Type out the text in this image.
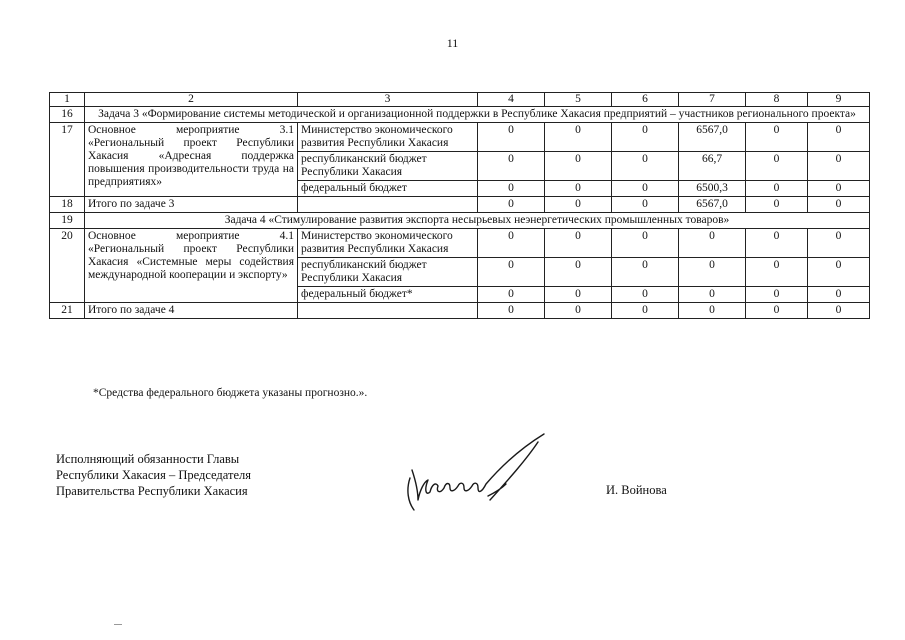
11
1	2	3	4	5	6	7	8	9
16	Задача 3 «Формирование системы методической и организационной поддержки в Республике Хакасия предприятий – участников регионального проекта»							
17	Основное мероприятие 3.1 «Региональный проект Республики Хакасия «Адресная поддержка повышения производительности труда на предприятиях»	Министерство экономического развития Республики Хакасия	0	0	0	6567,0	0	0
		республиканский бюджет Республики Хакасия	0	0	0	66,7	0	0
		федеральный бюджет	0	0	0	6500,3	0	0
18	Итого по задаче 3		0	0	0	6567,0	0	0
19	Задача 4 «Стимулирование развития экспорта несырьевых неэнергетических промышленных товаров»							
20	Основное мероприятие 4.1 «Региональный проект Республики Хакасия «Системные меры содействия международной кооперации и экспорту»	Министерство экономического развития Республики Хакасия	0	0	0	0	0	0
		республиканский бюджет Республики Хакасия	0	0	0	0	0	0
		федеральный бюджет*	0	0	0	0	0	0
21	Итого по задаче 4		0	0	0	0	0	0
*Средства федерального бюджета указаны прогнозно.».
Исполняющий обязанности Главы
Республики Хакасия – Председателя
Правительства Республики Хакасия	И. Войнова
